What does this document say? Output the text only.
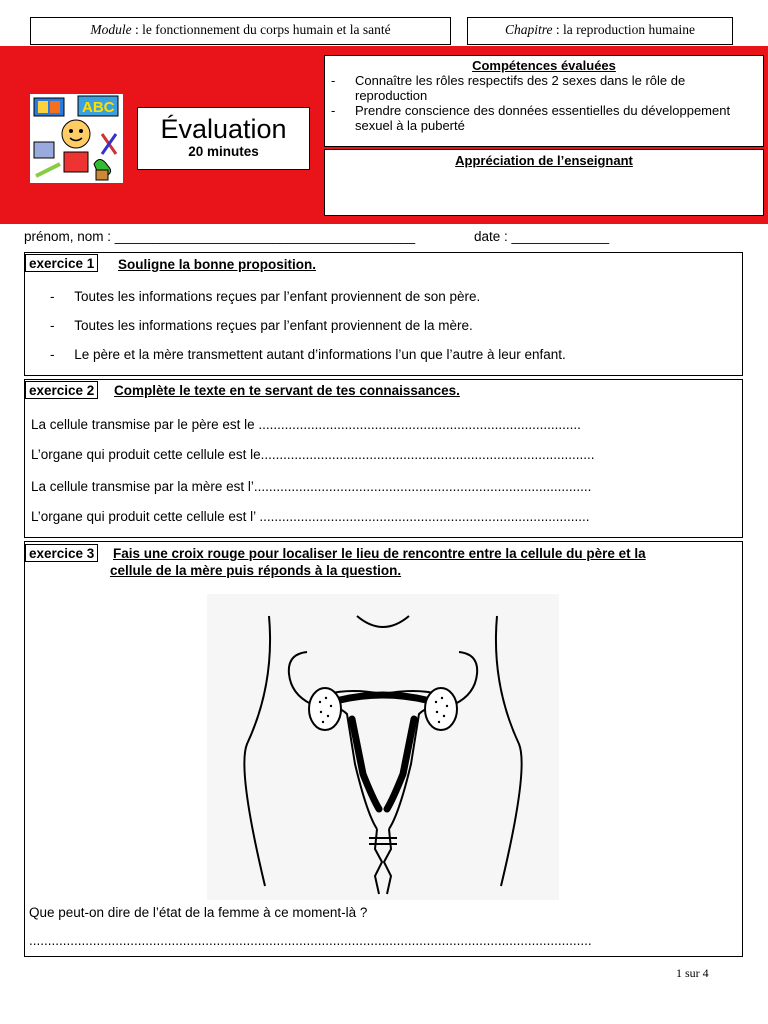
Module : le fonctionnement du corps humain et la santé	Chapitre : la reproduction humaine
ABC
Évaluation
20 minutes
Compétences évaluées
- Connaître les rôles respectifs des 2 sexes dans le rôle de reproduction
- Prendre conscience des données essentielles du développement sexuel à la puberté
Appréciation de l’enseignant
prénom, nom : ________________________________________	date : _____________
exercice 1 Souligne la bonne proposition.
- Toutes les informations reçues par l’enfant proviennent de son père.
- Toutes les informations reçues par l’enfant proviennent de la mère.
- Le père et la mère transmettent autant d’informations l’un que l’autre à leur enfant.
exercice 2 Complète le texte en te servant de tes connaissances.
La cellule transmise par le père est le ......................................................................................
L’organe qui produit cette cellule est le.........................................................................................
La cellule transmise par la mère est l’..........................................................................................
L’organe qui produit cette cellule est l’ ........................................................................................
exercice 3 Fais une croix rouge pour localiser le lieu de rencontre entre la cellule du père et la
cellule de la mère puis réponds à la question.
Que peut-on dire de l’état de la femme à ce moment-là ?
......................................................................................................................................................
1 sur 4
